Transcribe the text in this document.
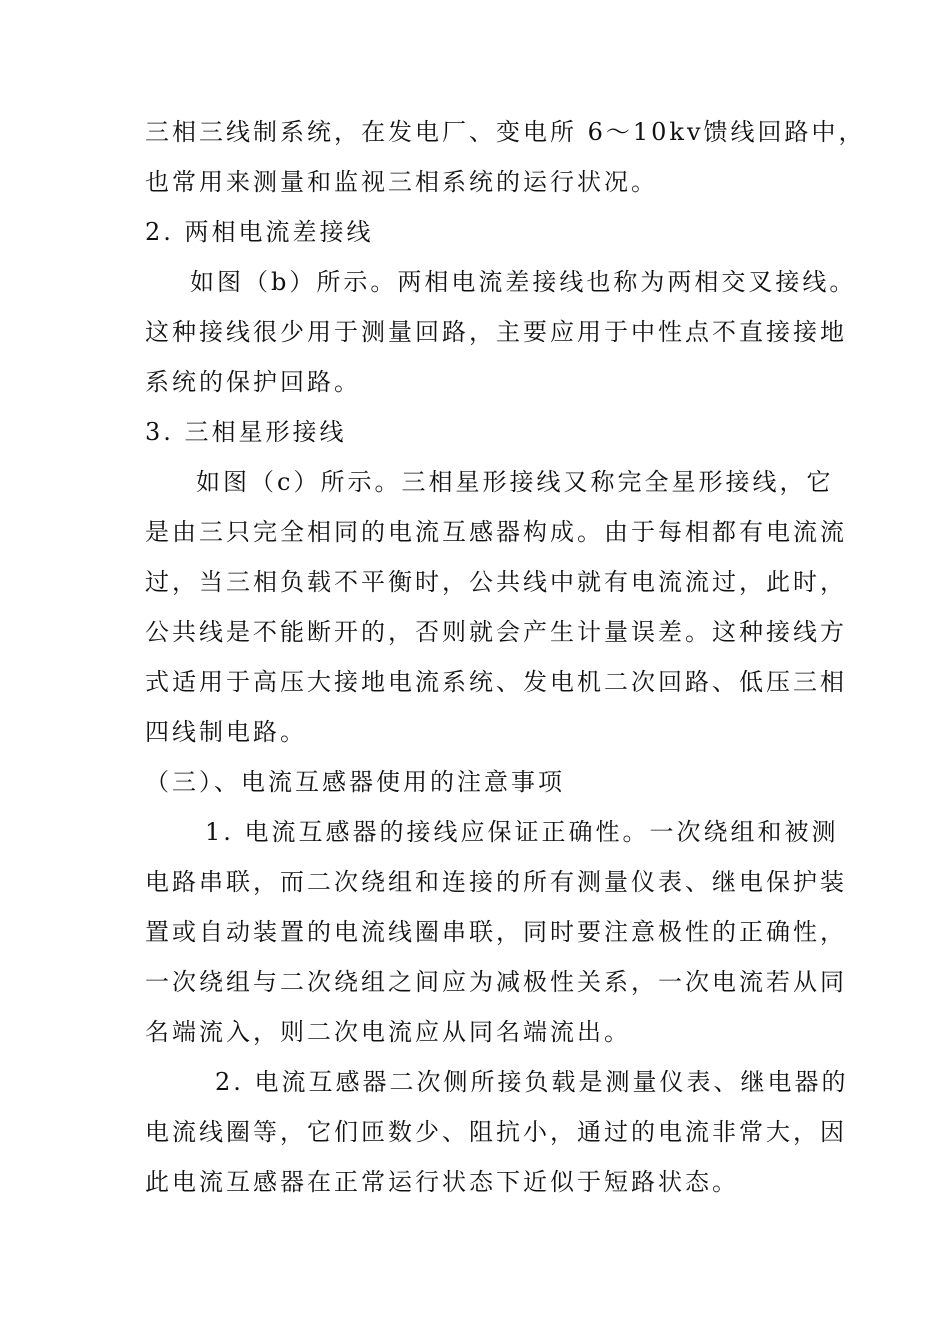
三相三线制系统，在发电厂、变电所 6～10kv馈线回路中，
也常用来测量和监视三相系统的运行状况。
2. 两相电流差接线
如图（b）所示。两相电流差接线也称为两相交叉接线。
这种接线很少用于测量回路，主要应用于中性点不直接接地
系统的保护回路。
3. 三相星形接线
如图（c）所示。三相星形接线又称完全星形接线，它
是由三只完全相同的电流互感器构成。由于每相都有电流流
过，当三相负载不平衡时，公共线中就有电流流过，此时，
公共线是不能断开的，否则就会产生计量误差。这种接线方
式适用于高压大接地电流系统、发电机二次回路、低压三相
四线制电路。
（三）、电流互感器使用的注意事项
1. 电流互感器的接线应保证正确性。一次绕组和被测
电路串联，而二次绕组和连接的所有测量仪表、继电保护装
置或自动装置的电流线圈串联，同时要注意极性的正确性，
一次绕组与二次绕组之间应为减极性关系，一次电流若从同
名端流入，则二次电流应从同名端流出。
2. 电流互感器二次侧所接负载是测量仪表、继电器的
电流线圈等，它们匝数少、阻抗小，通过的电流非常大，因
此电流互感器在正常运行状态下近似于短路状态。
